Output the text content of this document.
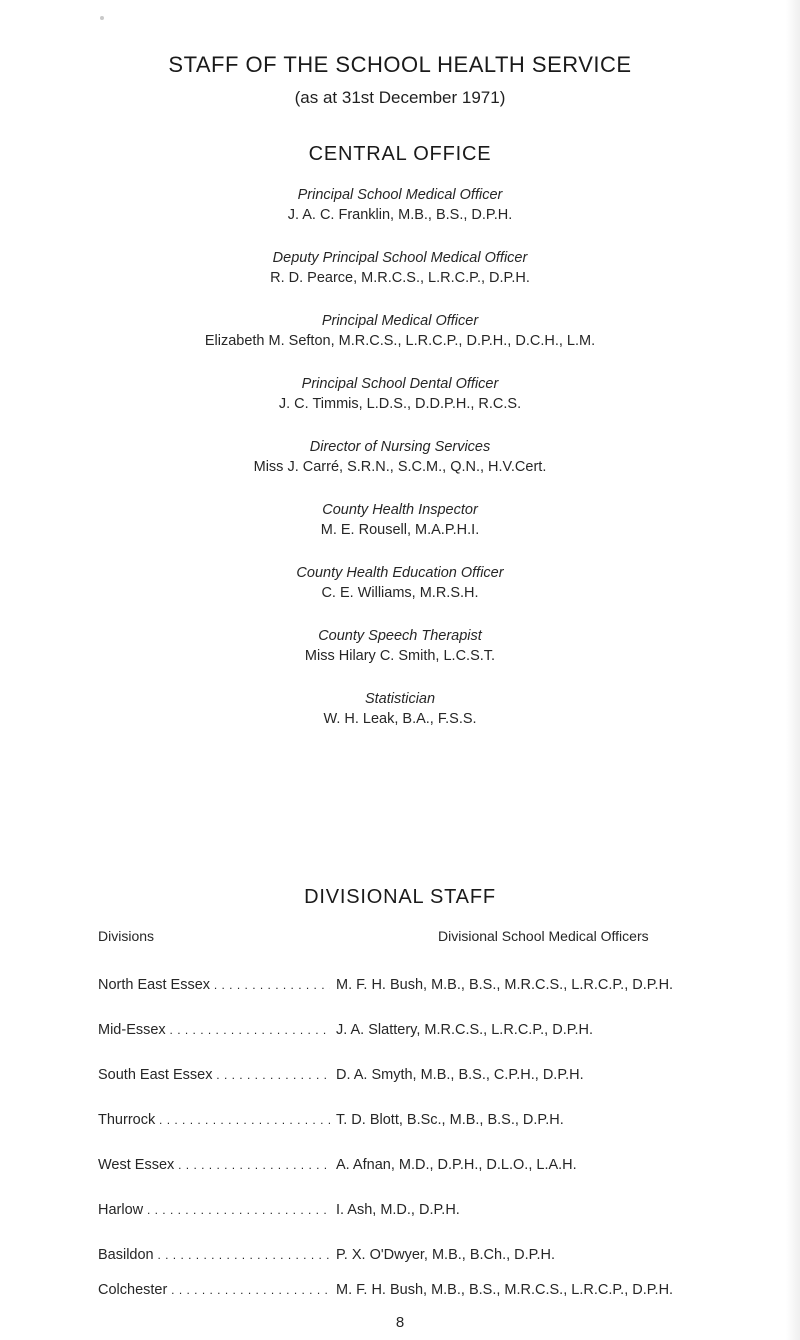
STAFF OF THE SCHOOL HEALTH SERVICE
(as at 31st December 1971)
CENTRAL OFFICE
Principal School Medical Officer
J. A. C. Franklin, M.B., B.S., D.P.H.
Deputy Principal School Medical Officer
R. D. Pearce, M.R.C.S., L.R.C.P., D.P.H.
Principal Medical Officer
Elizabeth M. Sefton, M.R.C.S., L.R.C.P., D.P.H., D.C.H., L.M.
Principal School Dental Officer
J. C. Timmis, L.D.S., D.D.P.H., R.C.S.
Director of Nursing Services
Miss J. Carré, S.R.N., S.C.M., Q.N., H.V.Cert.
County Health Inspector
M. E. Rousell, M.A.P.H.I.
County Health Education Officer
C. E. Williams, M.R.S.H.
County Speech Therapist
Miss Hilary C. Smith, L.C.S.T.
Statistician
W. H. Leak, B.A., F.S.S.
DIVISIONAL STAFF
Divisions	Divisional School Medical Officers
North East Essex . . .	M. F. H. Bush, M.B., B.S., M.R.C.S., L.R.C.P., D.P.H.
Mid-Essex . . .	J. A. Slattery, M.R.C.S., L.R.C.P., D.P.H.
South East Essex . . .	D. A. Smyth, M.B., B.S., C.P.H., D.P.H.
Thurrock . . .	T. D. Blott, B.Sc., M.B., B.S., D.P.H.
West Essex . . .	A. Afnan, M.D., D.P.H., D.L.O., L.A.H.
Harlow . . .	I. Ash, M.D., D.P.H.
Basildon . . .	P. X. O'Dwyer, M.B., B.Ch., D.P.H.
Colchester . . .	M. F. H. Bush, M.B., B.S., M.R.C.S., L.R.C.P., D.P.H.
8
